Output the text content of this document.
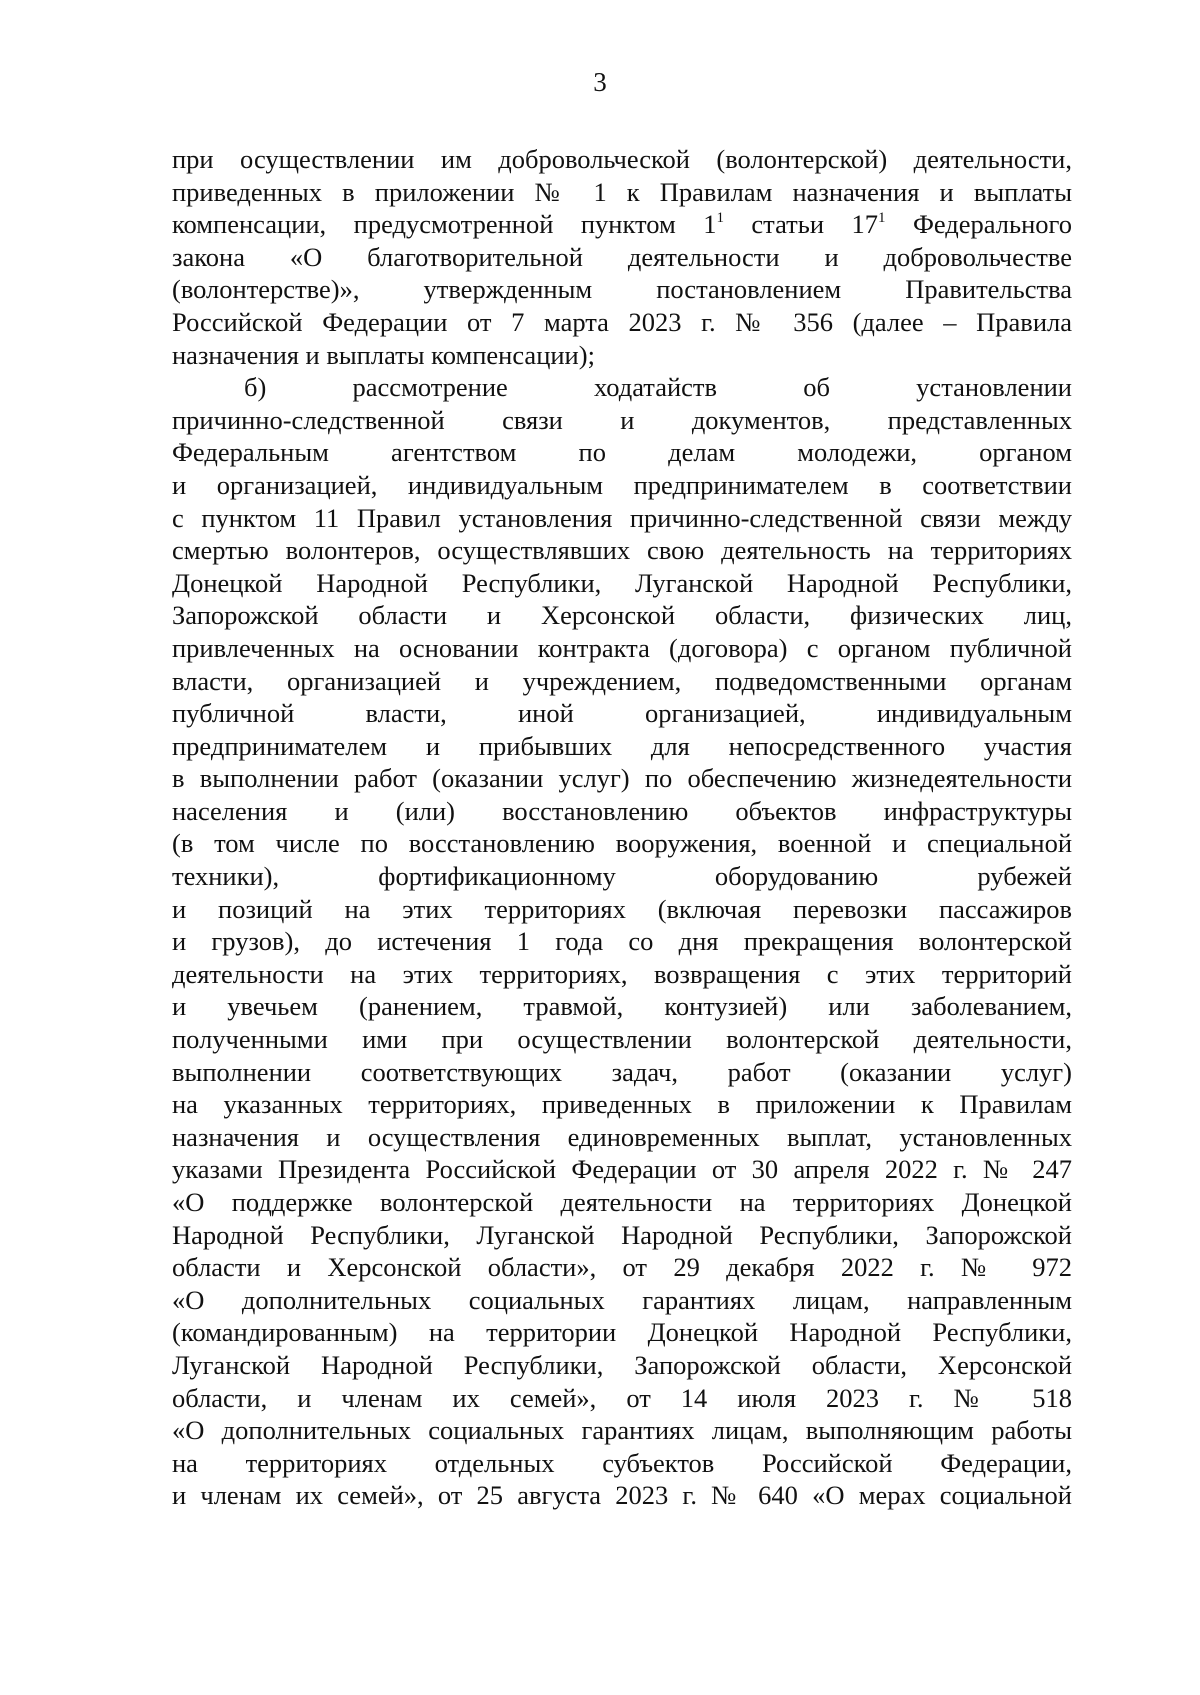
3
при осуществлении им добровольческой (волонтерской) деятельности,
приведенных в приложении № 1 к Правилам назначения и выплаты
компенсации, предусмотренной пунктом $1^1$ статьи $17^1$ Федерального
закона «О благотворительной деятельности и добровольчестве
(волонтерстве)», утвержденным постановлением Правительства
Российской Федерации от 7 марта 2023 г. № 356 (далее – Правила
назначения и выплаты компенсации);
б) рассмотрение ходатайств об установлении
причинно-следственной связи и документов, представленных
Федеральным агентством по делам молодежи, органом
и организацией, индивидуальным предпринимателем в соответствии
с пунктом 11 Правил установления причинно-следственной связи между
смертью волонтеров, осуществлявших свою деятельность на территориях
Донецкой Народной Республики, Луганской Народной Республики,
Запорожской области и Херсонской области, физических лиц,
привлеченных на основании контракта (договора) с органом публичной
власти, организацией и учреждением, подведомственными органам
публичной власти, иной организацией, индивидуальным
предпринимателем и прибывших для непосредственного участия
в выполнении работ (оказании услуг) по обеспечению жизнедеятельности
населения и (или) восстановлению объектов инфраструктуры
(в том числе по восстановлению вооружения, военной и специальной
техники), фортификационному оборудованию рубежей
и позиций на этих территориях (включая перевозки пассажиров
и грузов), до истечения 1 года со дня прекращения волонтерской
деятельности на этих территориях, возвращения с этих территорий
и увечьем (ранением, травмой, контузией) или заболеванием,
полученными ими при осуществлении волонтерской деятельности,
выполнении соответствующих задач, работ (оказании услуг)
на указанных территориях, приведенных в приложении к Правилам
назначения и осуществления единовременных выплат, установленных
указами Президента Российской Федерации от 30 апреля 2022 г. № 247
«О поддержке волонтерской деятельности на территориях Донецкой
Народной Республики, Луганской Народной Республики, Запорожской
области и Херсонской области», от 29 декабря 2022 г. № 972
«О дополнительных социальных гарантиях лицам, направленным
(командированным) на территории Донецкой Народной Республики,
Луганской Народной Республики, Запорожской области, Херсонской
области, и членам их семей», от 14 июля 2023 г. № 518
«О дополнительных социальных гарантиях лицам, выполняющим работы
на территориях отдельных субъектов Российской Федерации,
и членам их семей», от 25 августа 2023 г. № 640 «О мерах социальной
